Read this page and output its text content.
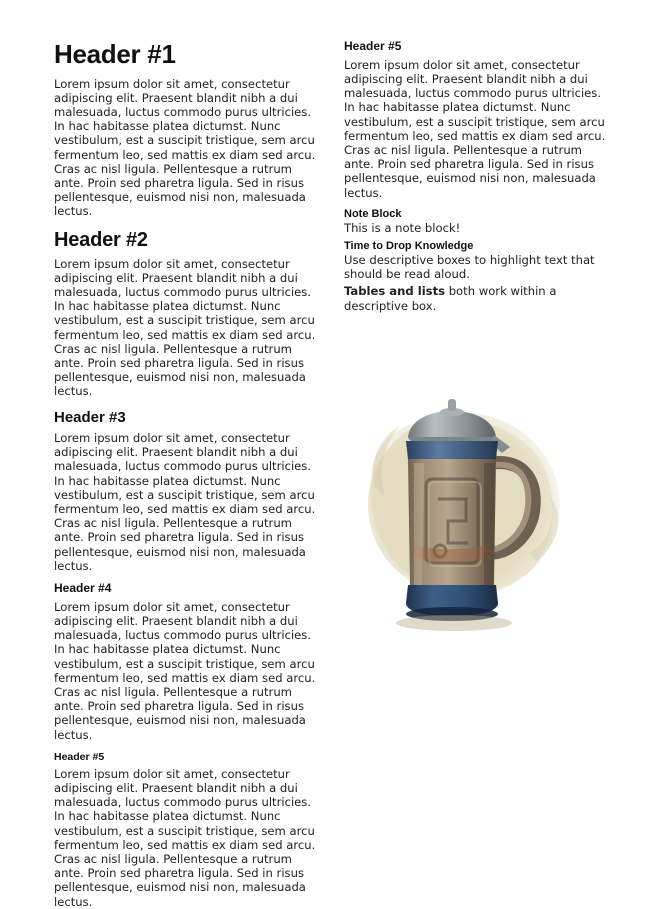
Header #1

Lorem ipsum dolor sit amet, consectetur adipiscing elit. Praesent blandit nibh a dui malesuada, luctus commodo purus ultricies. In hac habitasse platea dictumst. Nunc vestibulum, est a suscipit tristique, sem arcu fermentum leo, sed mattis ex diam sed arcu. Cras ac nisl ligula. Pellentesque a rutrum ante. Proin sed pharetra ligula. Sed in risus pellentesque, euismod nisi non, malesuada lectus.

Header #2

Lorem ipsum dolor sit amet, consectetur adipiscing elit. Praesent blandit nibh a dui malesuada, luctus commodo purus ultricies. In hac habitasse platea dictumst. Nunc vestibulum, est a suscipit tristique, sem arcu fermentum leo, sed mattis ex diam sed arcu. Cras ac nisl ligula. Pellentesque a rutrum ante. Proin sed pharetra ligula. Sed in risus pellentesque, euismod nisi non, malesuada lectus.

Header #3

Lorem ipsum dolor sit amet, consectetur adipiscing elit. Praesent blandit nibh a dui malesuada, luctus commodo purus ultricies. In hac habitasse platea dictumst. Nunc vestibulum, est a suscipit tristique, sem arcu fermentum leo, sed mattis ex diam sed arcu. Cras ac nisl ligula. Pellentesque a rutrum ante. Proin sed pharetra ligula. Sed in risus pellentesque, euismod nisi non, malesuada lectus.

Header #4

Lorem ipsum dolor sit amet, consectetur adipiscing elit. Praesent blandit nibh a dui malesuada, luctus commodo purus ultricies. In hac habitasse platea dictumst. Nunc vestibulum, est a suscipit tristique, sem arcu fermentum leo, sed mattis ex diam sed arcu. Cras ac nisl ligula. Pellentesque a rutrum ante. Proin sed pharetra ligula. Sed in risus pellentesque, euismod nisi non, malesuada lectus.

Header #5

Lorem ipsum dolor sit amet, consectetur adipiscing elit. Praesent blandit nibh a dui malesuada, luctus commodo purus ultricies. In hac habitasse platea dictumst. Nunc vestibulum, est a suscipit tristique, sem arcu fermentum leo, sed mattis ex diam sed arcu. Cras ac nisl ligula. Pellentesque a rutrum ante. Proin sed pharetra ligula. Sed in risus pellentesque, euismod nisi non, malesuada lectus.

Header #5

Lorem ipsum dolor sit amet, consectetur adipiscing elit. Praesent blandit nibh a dui malesuada, luctus commodo purus ultricies. In hac habitasse platea dictumst. Nunc vestibulum, est a suscipit tristique, sem arcu fermentum leo, sed mattis ex diam sed arcu. Cras ac nisl ligula. Pellentesque a rutrum ante. Proin sed pharetra ligula. Sed in risus pellentesque, euismod nisi non, malesuada lectus.

Note Block
This is a note block!
Time to Drop Knowledge
Use descriptive boxes to highlight text that should be read aloud.
Tables and lists both work within a descriptive box.
